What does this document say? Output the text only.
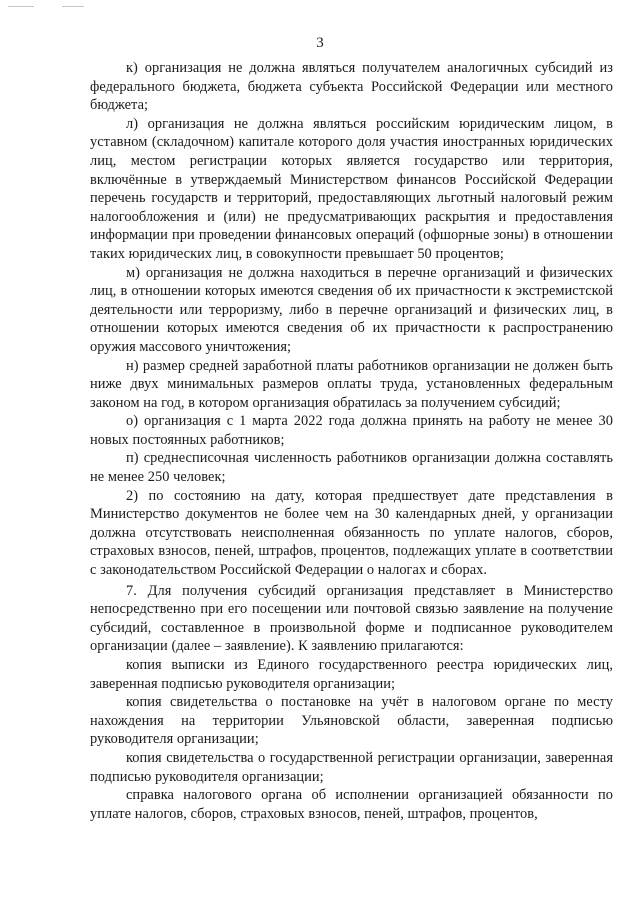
3

к) организация не должна являться получателем аналогичных субсидий из федерального бюджета, бюджета субъекта Российской Федерации или местного бюджета;

л) организация не должна являться российским юридическим лицом, в уставном (складочном) капитале которого доля участия иностранных юридических лиц, местом регистрации которых является государство или территория, включённые в утверждаемый Министерством финансов Российской Федерации перечень государств и территорий, предоставляющих льготный налоговый режим налогообложения и (или) не предусматривающих раскрытия и предоставления информации при проведении финансовых операций (офшорные зоны) в отношении таких юридических лиц, в совокупности превышает 50 процентов;

м) организация не должна находиться в перечне организаций и физических лиц, в отношении которых имеются сведения об их причастности к экстремистской деятельности или терроризму, либо в перечне организаций и физических лиц, в отношении которых имеются сведения об их причастности к распространению оружия массового уничтожения;

н) размер средней заработной платы работников организации не должен быть ниже двух минимальных размеров оплаты труда, установленных федеральным законом на год, в котором организация обратилась за получением субсидий;

о) организация с 1 марта 2022 года должна принять на работу не менее 30 новых постоянных работников;

п) среднесписочная численность работников организации должна составлять не менее 250 человек;

2) по состоянию на дату, которая предшествует дате представления в Министерство документов не более чем на 30 календарных дней, у организации должна отсутствовать неисполненная обязанность по уплате налогов, сборов, страховых взносов, пеней, штрафов, процентов, подлежащих уплате в соответствии с законодательством Российской Федерации о налогах и сборах.

7. Для получения субсидий организация представляет в Министерство непосредственно при его посещении или почтовой связью заявление на получение субсидий, составленное в произвольной форме и подписанное руководителем организации (далее – заявление). К заявлению прилагаются:

копия выписки из Единого государственного реестра юридических лиц, заверенная подписью руководителя организации;

копия свидетельства о постановке на учёт в налоговом органе по месту нахождения на территории Ульяновской области, заверенная подписью руководителя организации;

копия свидетельства о государственной регистрации организации, заверенная подписью руководителя организации;

справка налогового органа об исполнении организацией обязанности по уплате налогов, сборов, страховых взносов, пеней, штрафов, процентов,
